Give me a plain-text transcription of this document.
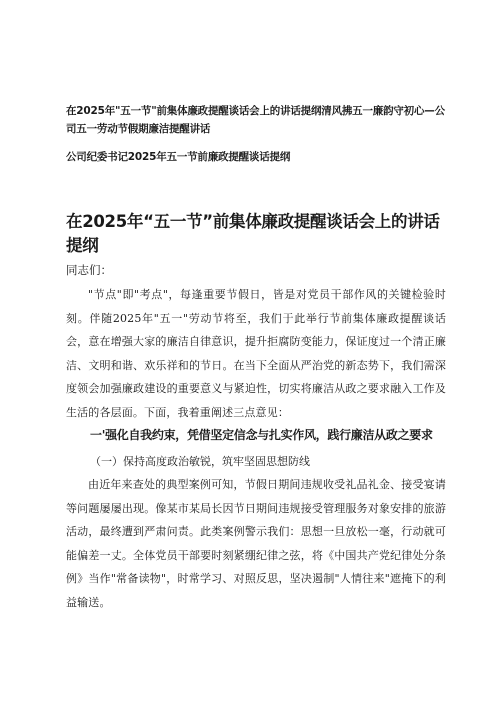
在2025年"五一节"前集体廉政提醒谈话会上的讲话提纲清风拂五一廉韵守初心—公司五一劳动节假期廉洁提醒讲话
公司纪委书记2025年五一节前廉政提醒谈话提纲
在2025年“五一节”前集体廉政提醒谈话会上的讲话提纲
同志们：

"节点"即"考点"，每逢重要节假日，皆是对党员干部作风的关键检验时刻。伴随2025年"五一"劳动节将至，我们于此举行节前集体廉政提醒谈话会，意在增强大家的廉洁自律意识，提升拒腐防变能力，保证度过一个清正廉洁、文明和谐、欢乐祥和的节日。在当下全面从严治党的新态势下，我们需深度领会加强廉政建设的重要意义与紧迫性，切实将廉洁从政之要求融入工作及生活的各层面。下面，我着重阐述三点意见：

一'强化自我约束，凭借坚定信念与扎实作风，践行廉洁从政之要求
（一）保持高度政治敏锐，筑牢坚固思想防线

由近年来查处的典型案例可知，节假日期间违规收受礼品礼金、接受宴请等问题屡屡出现。像某市某局长因节日期间违规接受管理服务对象安排的旅游活动，最终遭到严肃问责。此类案例警示我们：思想一旦放松一毫，行动就可能偏差一丈。全体党员干部要时刻紧绷纪律之弦，将《中国共产党纪律处分条例》当作"常备读物"，时常学习、对照反思，坚决遏制"人情往来"遮掩下的利益输送。
